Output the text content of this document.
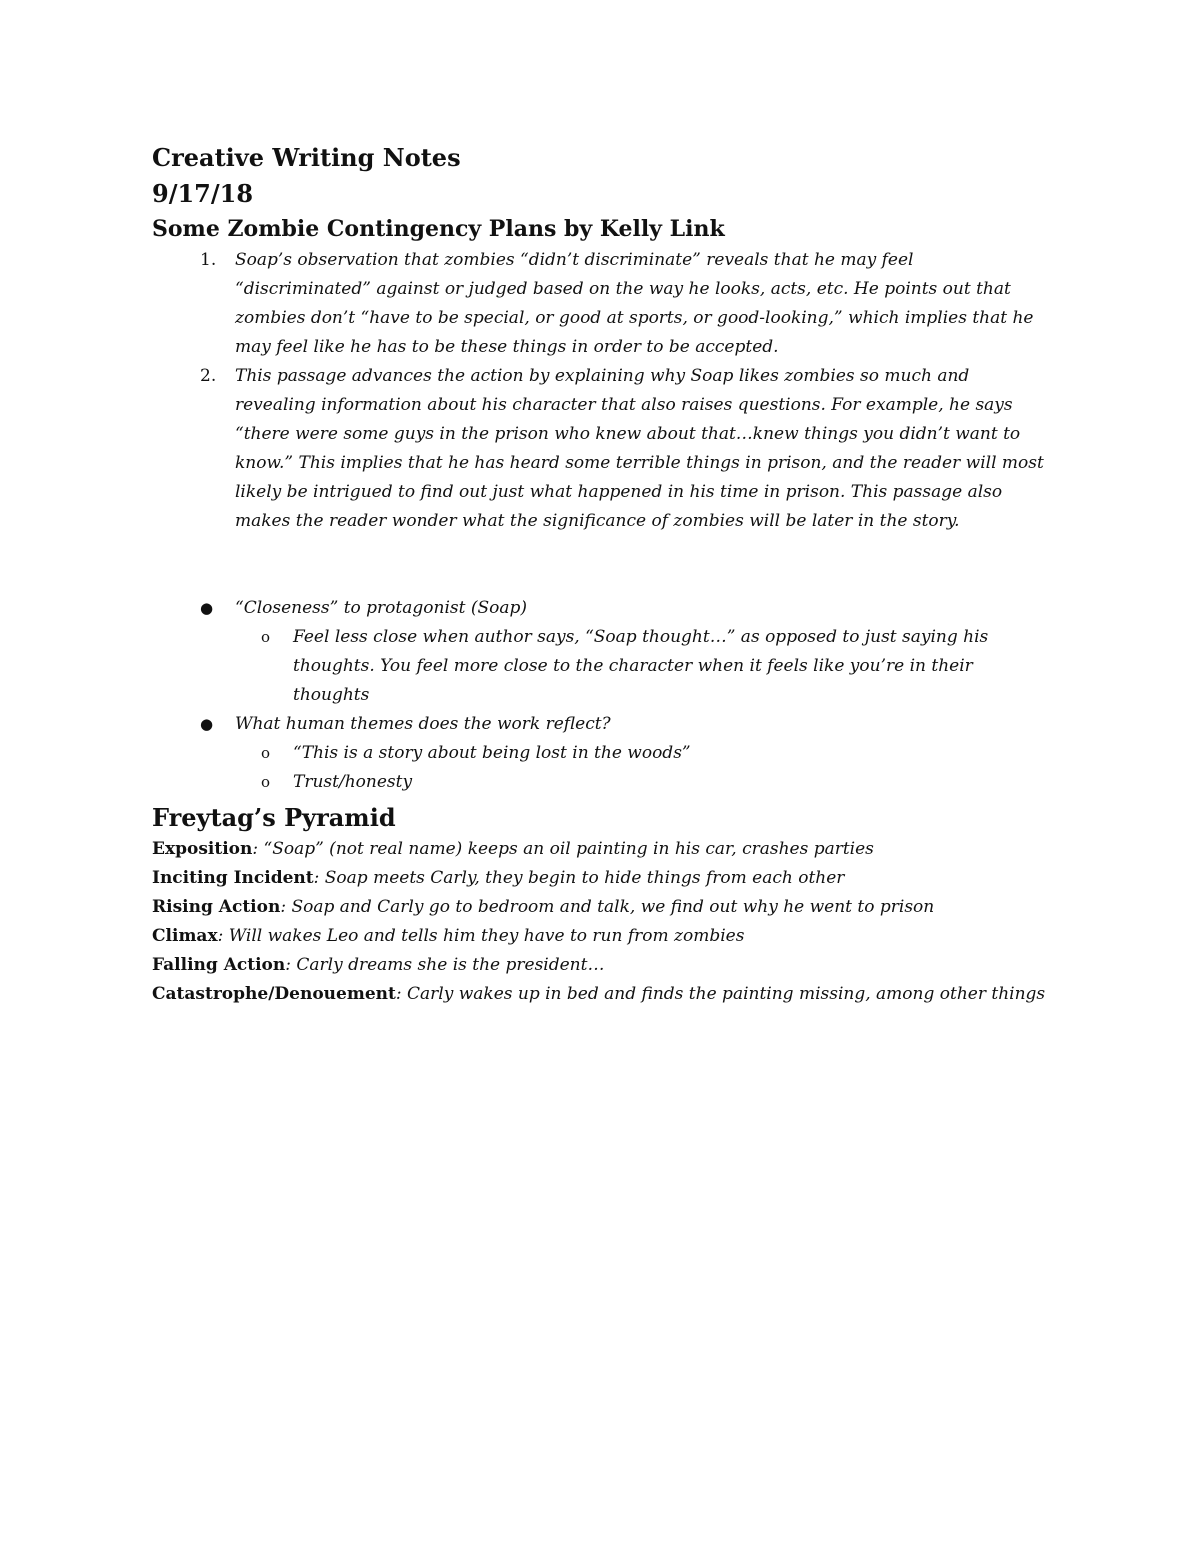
Creative Writing Notes

9/17/18

Some Zombie Contingency Plans by Kelly Link

1. Soap’s observation that zombies “didn’t discriminate” reveals that he may feel “discriminated” against or judged based on the way he looks, acts, etc. He points out that zombies don’t “have to be special, or good at sports, or good-looking,” which implies that he may feel like he has to be these things in order to be accepted.
2. This passage advances the action by explaining why Soap likes zombies so much and revealing information about his character that also raises questions. For example, he says “there were some guys in the prison who knew about that…knew things you didn’t want to know.” This implies that he has heard some terrible things in prison, and the reader will most likely be intrigued to find out just what happened in his time in prison. This passage also makes the reader wonder what the significance of zombies will be later in the story.
● “Closeness” to protagonist (Soap)
o Feel less close when author says, “Soap thought…” as opposed to just saying his thoughts. You feel more close to the character when it feels like you’re in their thoughts
● What human themes does the work reflect?
o “This is a story about being lost in the woods”
o Trust/honesty

Freytag’s Pyramid

Exposition: “Soap” (not real name) keeps an oil painting in his car, crashes parties

Inciting Incident: Soap meets Carly, they begin to hide things from each other

Rising Action: Soap and Carly go to bedroom and talk, we find out why he went to prison

Climax: Will wakes Leo and tells him they have to run from zombies

Falling Action: Carly dreams she is the president…

Catastrophe/Denouement: Carly wakes up in bed and finds the painting missing, among other things
